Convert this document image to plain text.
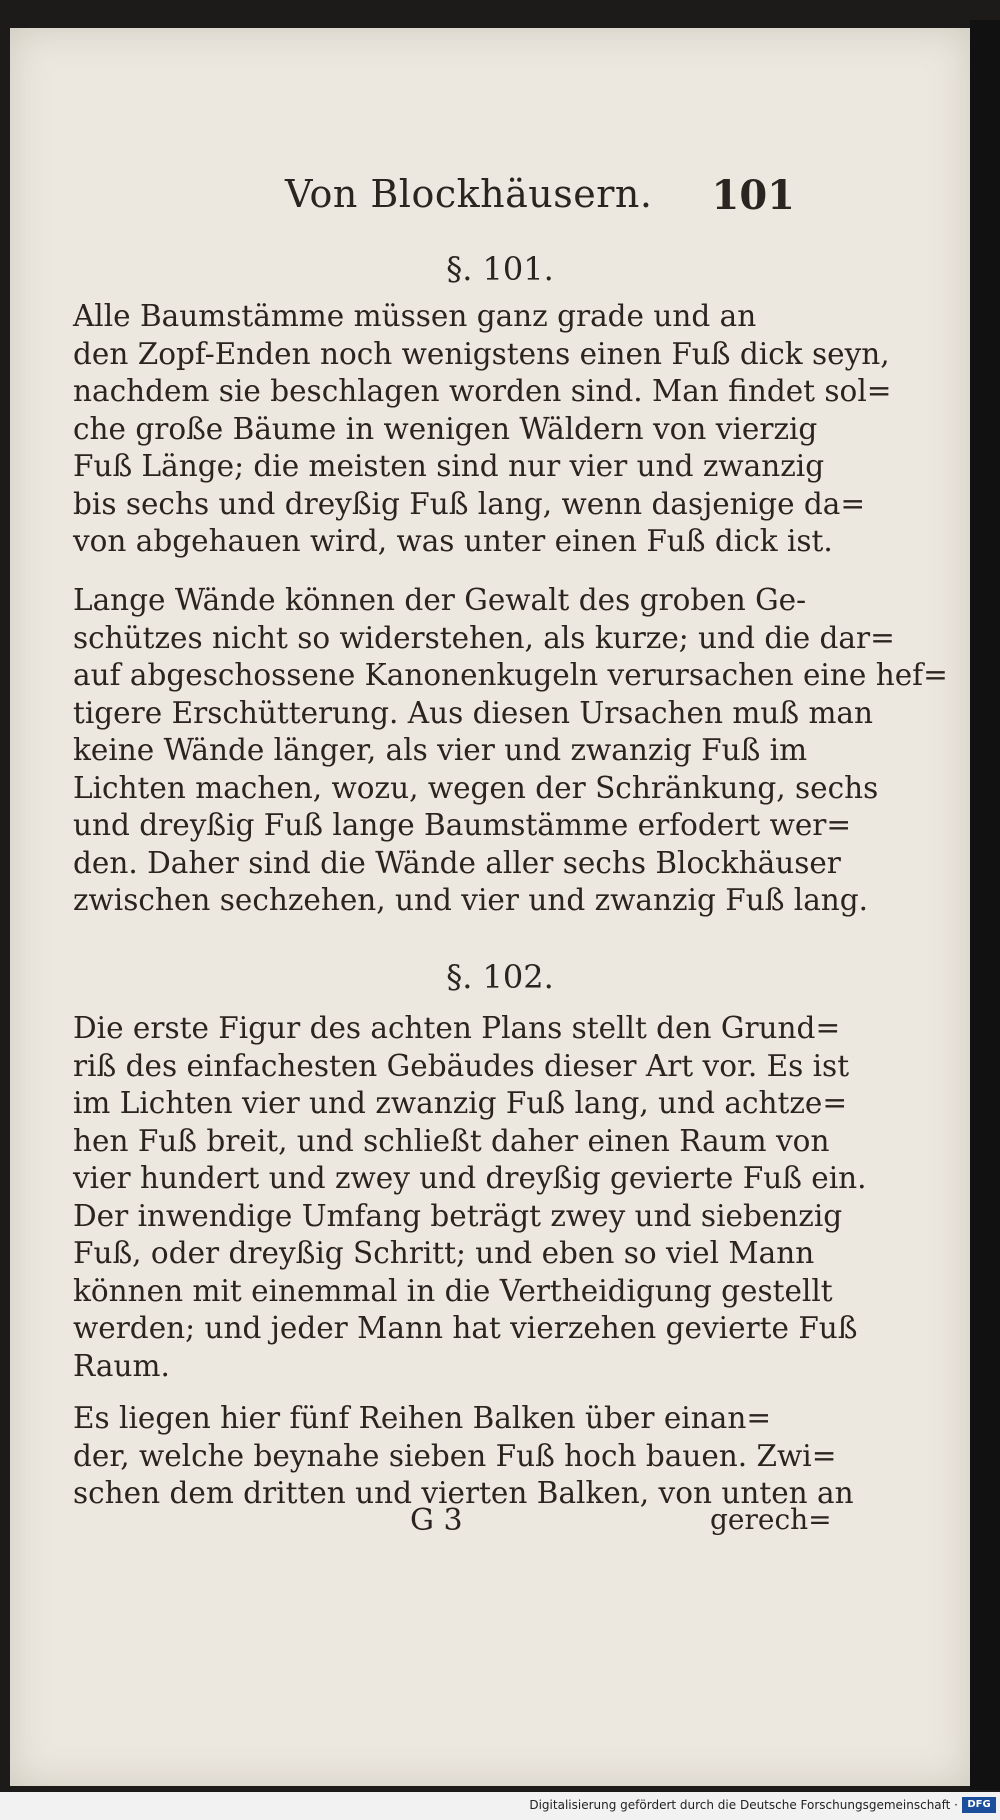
Von Blockhäusern. 101
§. 101.
Alle Baumstämme müssen ganz grade und an
den Zopf-Enden noch wenigstens einen Fuß dick seyn,
nachdem sie beschlagen worden sind. Man findet sol=
che große Bäume in wenigen Wäldern von vierzig
Fuß Länge; die meisten sind nur vier und zwanzig
bis sechs und dreyßig Fuß lang, wenn dasjenige da=
von abgehauen wird, was unter einen Fuß dick ist.
Lange Wände können der Gewalt des groben Ge-
schützes nicht so widerstehen, als kurze; und die dar=
auf abgeschossene Kanonenkugeln verursachen eine hef=
tigere Erschütterung. Aus diesen Ursachen muß man
keine Wände länger, als vier und zwanzig Fuß im
Lichten machen, wozu, wegen der Schränkung, sechs
und dreyßig Fuß lange Baumstämme erfodert wer=
den. Daher sind die Wände aller sechs Blockhäuser
zwischen sechzehen, und vier und zwanzig Fuß lang.
§. 102.
Die erste Figur des achten Plans stellt den Grund=
riß des einfachesten Gebäudes dieser Art vor. Es ist
im Lichten vier und zwanzig Fuß lang, und achtze=
hen Fuß breit, und schließt daher einen Raum von
vier hundert und zwey und dreyßig gevierte Fuß ein.
Der inwendige Umfang beträgt zwey und siebenzig
Fuß, oder dreyßig Schritt; und eben so viel Mann
können mit einemmal in die Vertheidigung gestellt
werden; und jeder Mann hat vierzehen gevierte Fuß
Raum.
Es liegen hier fünf Reihen Balken über einan=
der, welche beynahe sieben Fuß hoch bauen. Zwi=
schen dem dritten und vierten Balken, von unten an
G 3	gerech=
Digitalisierung gefördert durch die Deutsche Forschungsgemeinschaft · DFG
